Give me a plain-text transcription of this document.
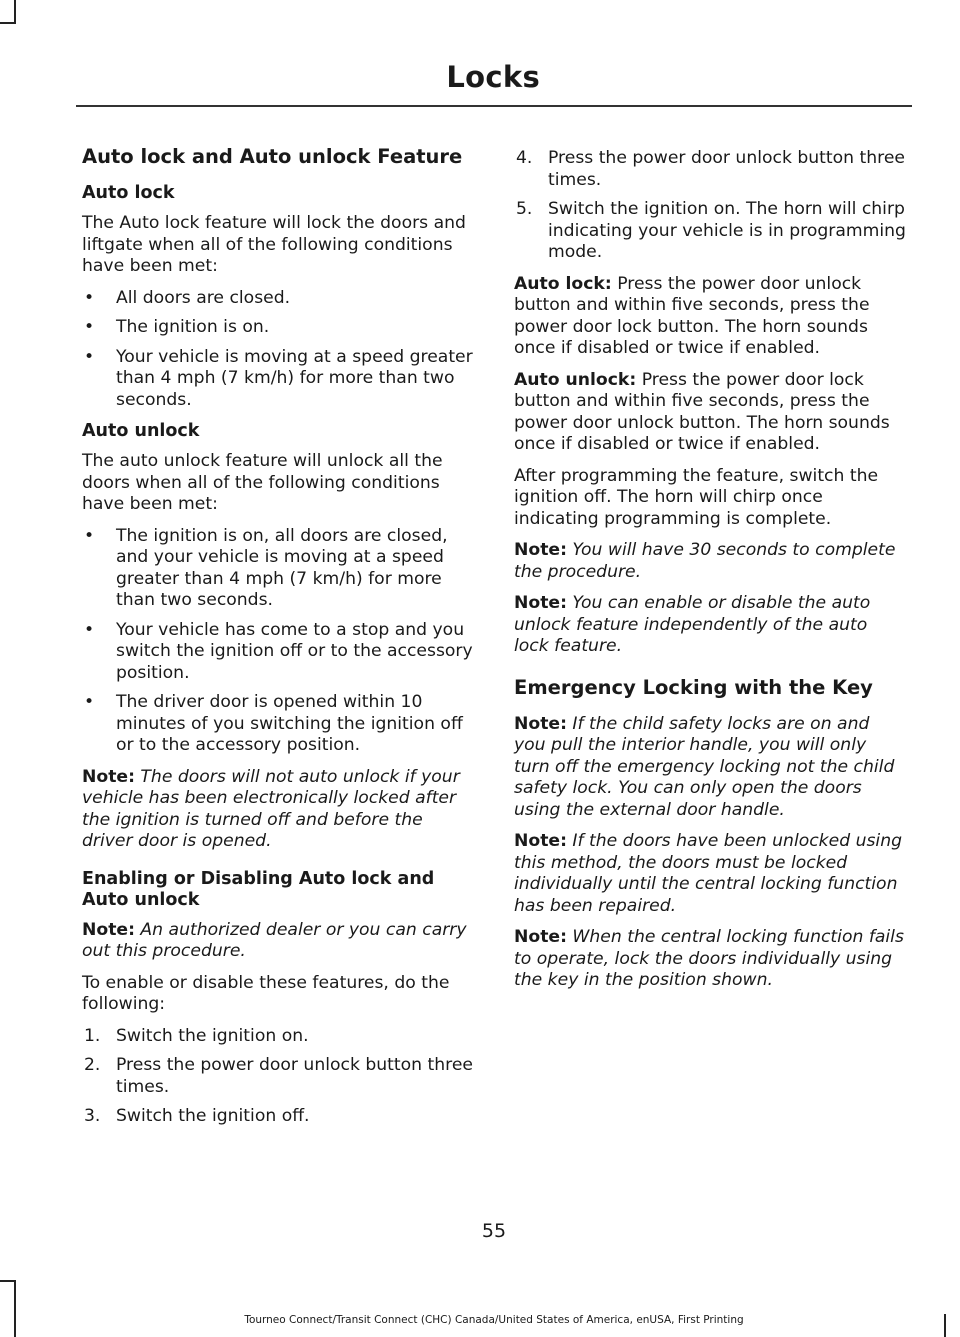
Locks
Auto lock and Auto unlock Feature
Auto lock

The Auto lock feature will lock the doors and liftgate when all of the following conditions have been met:

• All doors are closed.
• The ignition is on.
• Your vehicle is moving at a speed greater than 4 mph (7 km/h) for more than two seconds.
Auto unlock

The auto unlock feature will unlock all the doors when all of the following conditions have been met:

• The ignition is on, all doors are closed, and your vehicle is moving at a speed greater than 4 mph (7 km/h) for more than two seconds.
• Your vehicle has come to a stop and you switch the ignition off or to the accessory position.
• The driver door is opened within 10 minutes of you switching the ignition off or to the accessory position.

Note: The doors will not auto unlock if your vehicle has been electronically locked after the ignition is turned off and before the driver door is opened.

Enabling or Disabling Auto lock and Auto unlock

Note: An authorized dealer or you can carry out this procedure.

To enable or disable these features, do the following:

1. Switch the ignition on.
2. Press the power door unlock button three times.
3. Switch the ignition off.
4. Press the power door unlock button three times.
5. Switch the ignition on. The horn will chirp indicating your vehicle is in programming mode.

Auto lock: Press the power door unlock button and within five seconds, press the power door lock button. The horn sounds once if disabled or twice if enabled.

Auto unlock: Press the power door lock button and within five seconds, press the power door unlock button. The horn sounds once if disabled or twice if enabled.

After programming the feature, switch the ignition off. The horn will chirp once indicating programming is complete.

Note: You will have 30 seconds to complete the procedure.

Note: You can enable or disable the auto unlock feature independently of the auto lock feature.

Emergency Locking with the Key

Note: If the child safety locks are on and you pull the interior handle, you will only turn off the emergency locking not the child safety lock. You can only open the doors using the external door handle.

Note: If the doors have been unlocked using this method, the doors must be locked individually until the central locking function has been repaired.

Note: When the central locking function fails to operate, lock the doors individually using the key in the position shown.

55
Tourneo Connect/Transit Connect (CHC) Canada/United States of America, enUSA, First Printing
